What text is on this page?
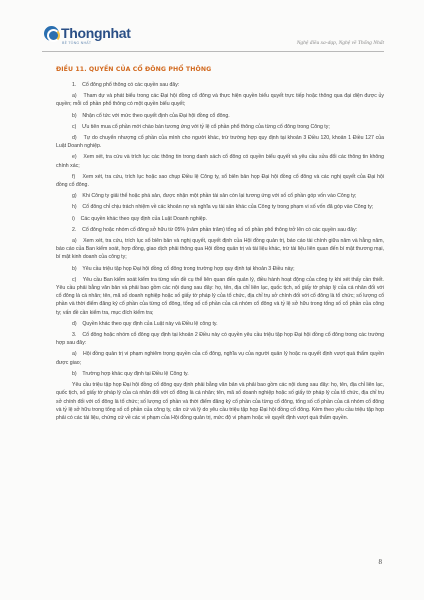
Thongnhat
BÊ TÔNG NHẤT	Nghệ điều xa-dạp, Nghệ về Thống Nhất
ĐIỀU 11. QUYỀN CỦA CỔ ĐÔNG PHỔ THÔNG

1.    Cổ đông phổ thông có các quyền sau đây:

a)    Tham dự và phát biểu trong các Đại hội đồng cổ đông và thực hiện quyền biểu quyết trực tiếp hoặc thông qua đại diện được ủy quyền; mỗi cổ phần phổ thông có một quyền biểu quyết;

b)    Nhận cổ tức với mức theo quyết định của Đại hội đồng cổ đông.

c)    Ưu tiên mua cổ phần mới chào bán tương ứng với tỷ lệ cổ phần phổ thông của từng cổ đông trong Công ty;

d)    Tự do chuyển nhượng cổ phần của mình cho người khác, trừ trường hợp quy định tại khoản 3 Điều 120, khoản 1 Điều 127 của Luật Doanh nghiệp.

e)    Xem xét, tra cứu và trích lục các thông tin trong danh sách cổ đông có quyền biểu quyết và yêu cầu sửa đổi các thông tin không chính xác;

f)    Xem xét, tra cứu, trích lục hoặc sao chụp Điều lệ Công ty, sổ biên bản họp Đại hội đồng cổ đông và các nghị quyết của Đại hội đồng cổ đông.

g)    Khi Công ty giải thể hoặc phá sản, được nhận một phần tài sản còn lại tương ứng với số cổ phần góp vốn vào Công ty;

h)    Cổ đông chỉ chịu trách nhiệm về các khoản nợ và nghĩa vụ tài sản khác của Công ty trong phạm vi số vốn đã góp vào Công ty;

i)    Các quyền khác theo quy định của Luật Doanh nghiệp.

2.    Cổ đông hoặc nhóm cổ đông sở hữu từ 05% (năm phần trăm) tổng số cổ phần phổ thông trở lên có các quyền sau đây:

a)    Xem xét, tra cứu, trích lục sổ biên bản và nghị quyết, quyết định của Hội đồng quản trị, báo cáo tài chính giữa năm và hằng năm, báo cáo của Ban kiểm soát, hợp đồng, giao dịch phải thông qua Hội đồng quản trị và tài liệu khác, trừ tài liệu liên quan đến bí mật thương mại, bí mật kinh doanh của công ty;

b)    Yêu cầu triệu tập họp Đại hội đồng cổ đông trong trường hợp quy định tại khoản 3 Điều này;

c)    Yêu cầu Ban kiểm soát kiểm tra từng vấn đề cụ thể liên quan đến quản lý, điều hành hoạt động của công ty khi xét thấy cần thiết. Yêu cầu phải bằng văn bản và phải bao gồm các nội dung sau đây: họ, tên, địa chỉ liên lạc, quốc tịch, số giấy tờ pháp lý của cá nhân đối với cổ đông là cá nhân; tên, mã số doanh nghiệp hoặc số giấy tờ pháp lý của tổ chức, địa chỉ trụ sở chính đối với cổ đông là tổ chức; số lượng cổ phần và thời điểm đăng ký cổ phần của từng cổ đông, tổng số cổ phần của cả nhóm cổ đông và tỷ lệ sở hữu trong tổng số cổ phần của công ty; vấn đề cần kiểm tra, mục đích kiểm tra;

d)    Quyền khác theo quy định của Luật này và Điều lệ công ty.

3.    Cổ đông hoặc nhóm cổ đông quy định tại khoản 2 Điều này có quyền yêu cầu triệu tập họp Đại hội đồng cổ đông trong các trường hợp sau đây:

a)    Hội đồng quản trị vi phạm nghiêm trọng quyền của cổ đông, nghĩa vụ của người quản lý hoặc ra quyết định vượt quá thẩm quyền được giao;

b)    Trường hợp khác quy định tại Điều lệ Công ty.

Yêu cầu triệu tập họp Đại hội đồng cổ đông quy định phải bằng văn bản và phải bao gồm các nội dung sau đây: họ, tên, địa chỉ liên lạc, quốc tịch, số giấy tờ pháp lý của cá nhân đối với cổ đông là cá nhân; tên, mã số doanh nghiệp hoặc số giấy tờ pháp lý của tổ chức, địa chỉ trụ sở chính đối với cổ đông là tổ chức; số lượng cổ phần và thời điểm đăng ký cổ phần của từng cổ đông, tổng số cổ phần của cả nhóm cổ đông và tỷ lệ sở hữu trong tổng số cổ phần của công ty, căn cứ và lý do yêu cầu triệu tập họp Đại hội đồng cổ đông. Kèm theo yêu cầu triệu tập họp phải có các tài liệu, chứng cứ về các vi phạm của Hội đồng quản trị, mức độ vi phạm hoặc về quyết định vượt quá thẩm quyền.

8
